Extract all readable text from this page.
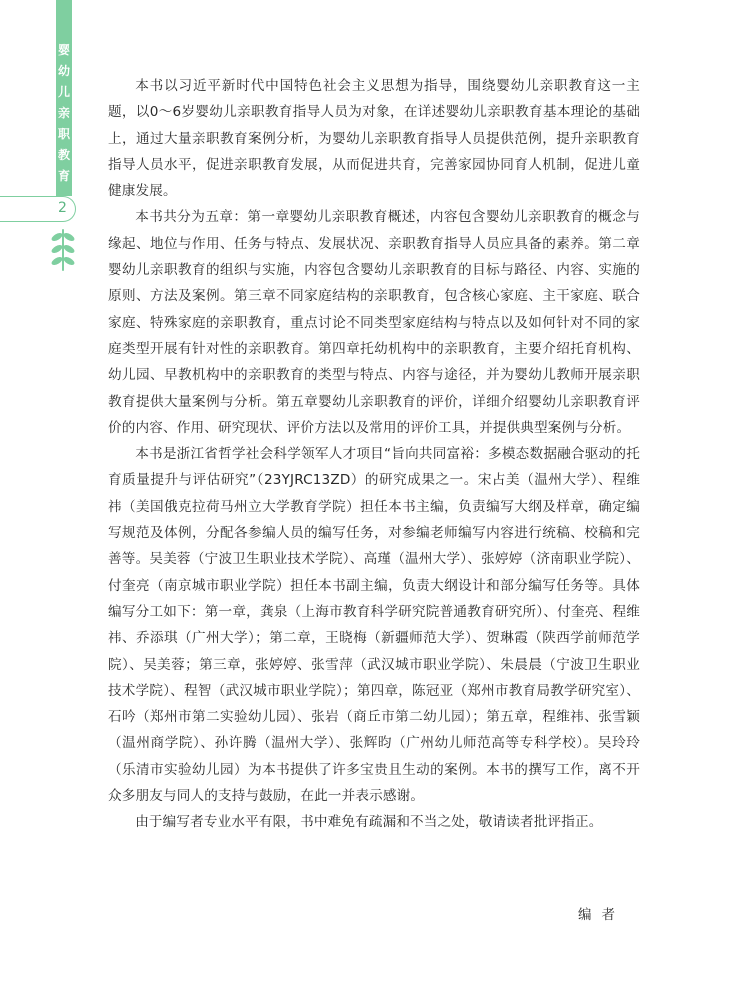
婴
幼
儿
亲
职
教
育
2

本书以习近平新时代中国特色社会主义思想为指导，围绕婴幼儿亲职教育这一主题，以0～6岁婴幼儿亲职教育指导人员为对象，在详述婴幼儿亲职教育基本理论的基础上，通过大量亲职教育案例分析，为婴幼儿亲职教育指导人员提供范例，提升亲职教育指导人员水平，促进亲职教育发展，从而促进共育，完善家园协同育人机制，促进儿童健康发展。

本书共分为五章：第一章婴幼儿亲职教育概述，内容包含婴幼儿亲职教育的概念与缘起、地位与作用、任务与特点、发展状况、亲职教育指导人员应具备的素养。第二章婴幼儿亲职教育的组织与实施，内容包含婴幼儿亲职教育的目标与路径、内容、实施的原则、方法及案例。第三章不同家庭结构的亲职教育，包含核心家庭、主干家庭、联合家庭、特殊家庭的亲职教育，重点讨论不同类型家庭结构与特点以及如何针对不同的家庭类型开展有针对性的亲职教育。第四章托幼机构中的亲职教育，主要介绍托育机构、幼儿园、早教机构中的亲职教育的类型与特点、内容与途径，并为婴幼儿教师开展亲职教育提供大量案例与分析。第五章婴幼儿亲职教育的评价，详细介绍婴幼儿亲职教育评价的内容、作用、研究现状、评价方法以及常用的评价工具，并提供典型案例与分析。

本书是浙江省哲学社会科学领军人才项目“旨向共同富裕：多模态数据融合驱动的托育质量提升与评估研究”（23YJRC13ZD）的研究成果之一。宋占美（温州大学）、程维祎（美国俄克拉荷马州立大学教育学院）担任本书主编，负责编写大纲及样章，确定编写规范及体例，分配各参编人员的编写任务，对参编老师编写内容进行统稿、校稿和完善等。吴美蓉（宁波卫生职业技术学院）、高瑾（温州大学）、张婷婷（济南职业学院）、付奎亮（南京城市职业学院）担任本书副主编，负责大纲设计和部分编写任务等。具体编写分工如下：第一章，龚泉（上海市教育科学研究院普通教育研究所）、付奎亮、程维祎、乔添琪（广州大学）；第二章，王晓梅（新疆师范大学）、贺琳霞（陕西学前师范学院）、吴美蓉；第三章，张婷婷、张雪萍（武汉城市职业学院）、朱晨晨（宁波卫生职业技术学院）、程智（武汉城市职业学院）；第四章，陈冠亚（郑州市教育局教学研究室）、石吟（郑州市第二实验幼儿园）、张岩（商丘市第二幼儿园）；第五章，程维祎、张雪颖（温州商学院）、孙许腾（温州大学）、张辉昀（广州幼儿师范高等专科学校）。吴玲玲（乐清市实验幼儿园）为本书提供了许多宝贵且生动的案例。本书的撰写工作，离不开众多朋友与同人的支持与鼓励，在此一并表示感谢。

由于编写者专业水平有限，书中难免有疏漏和不当之处，敬请读者批评指正。

编者
